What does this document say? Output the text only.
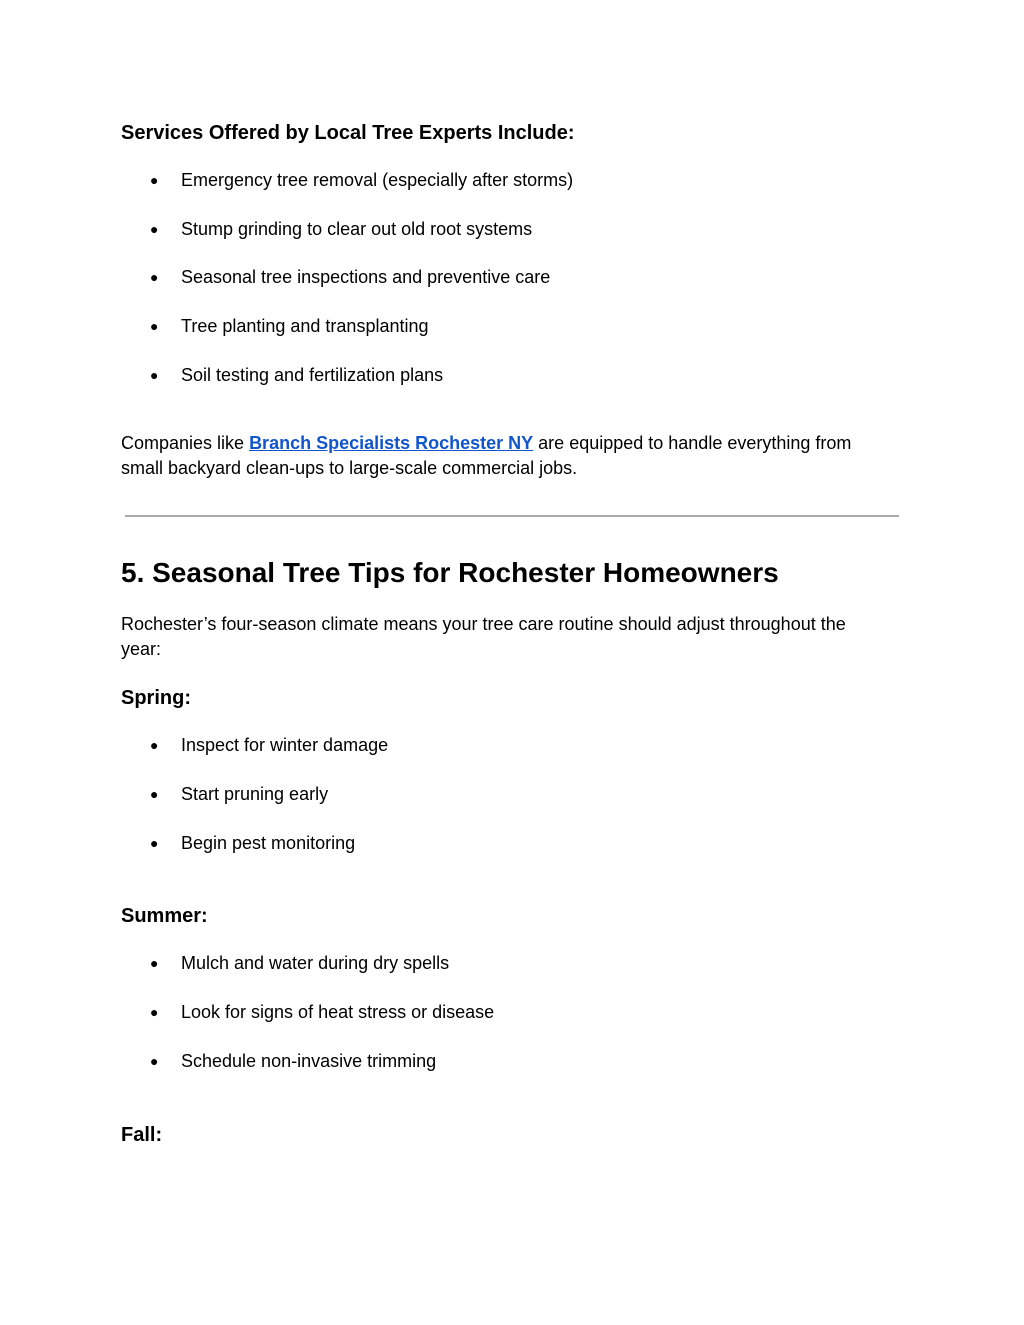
Services Offered by Local Tree Experts Include:
● Emergency tree removal (especially after storms)
● Stump grinding to clear out old root systems
● Seasonal tree inspections and preventive care
● Tree planting and transplanting
● Soil testing and fertilization plans
Companies like Branch Specialists Rochester NY are equipped to handle everything from
small backyard clean-ups to large-scale commercial jobs.
5. Seasonal Tree Tips for Rochester Homeowners
Rochester’s four-season climate means your tree care routine should adjust throughout the
year:
Spring:
● Inspect for winter damage
● Start pruning early
● Begin pest monitoring
Summer:
● Mulch and water during dry spells
● Look for signs of heat stress or disease
● Schedule non-invasive trimming
Fall:
